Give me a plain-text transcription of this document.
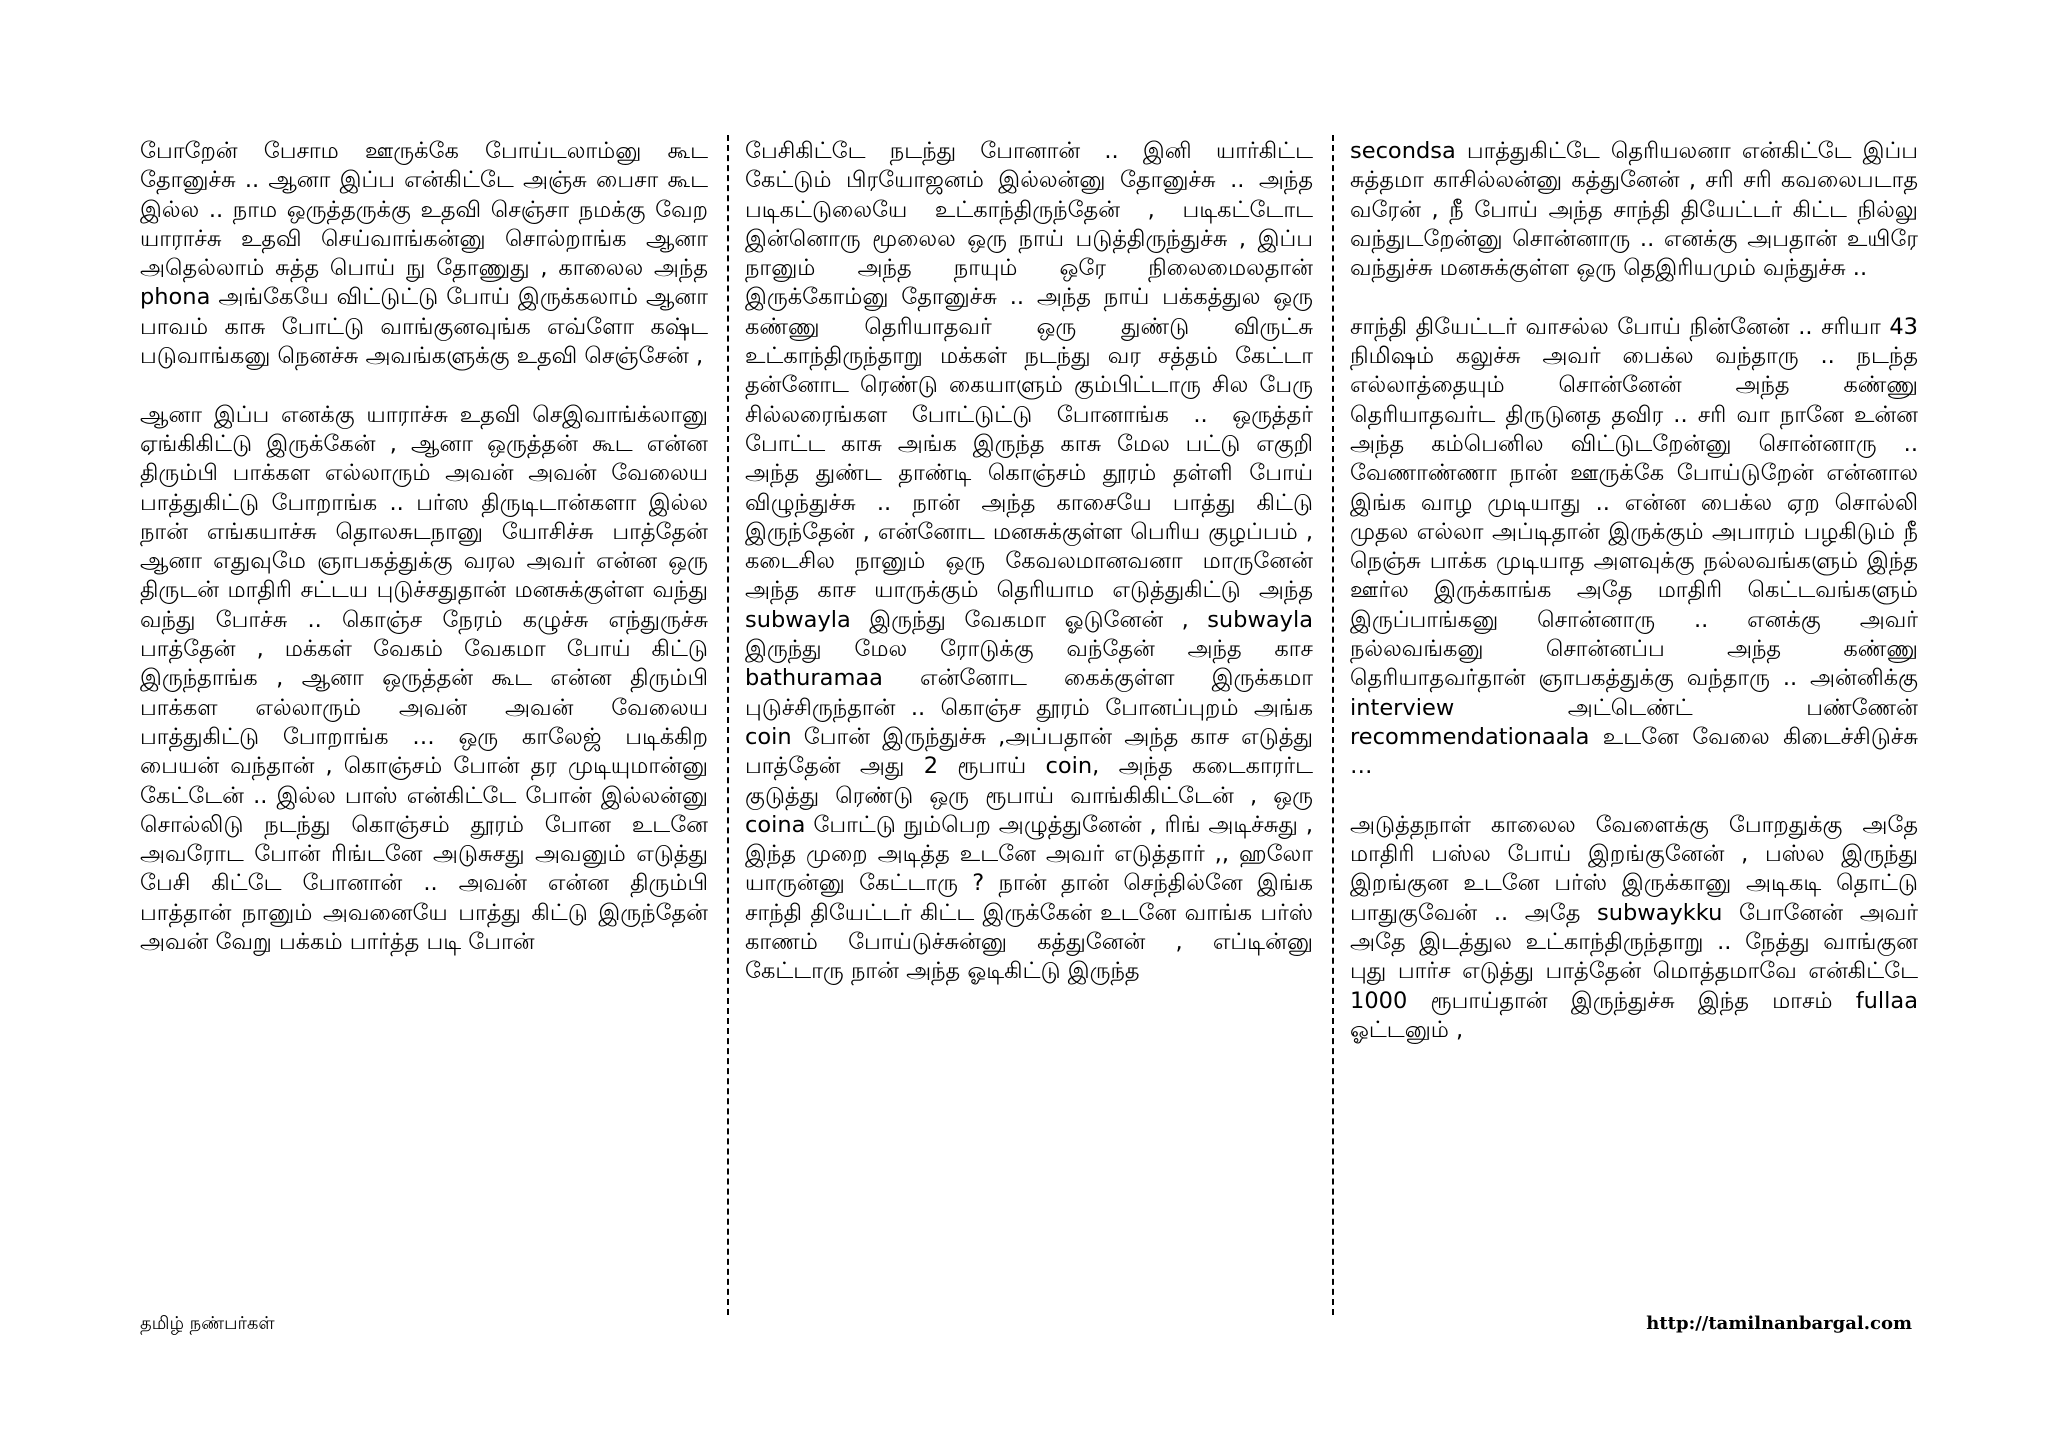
போறேன் பேசாம ஊருக்கே போய்டலாம்னு கூட தோனுச்சு .. ஆனா இப்ப என்கிட்டே அஞ்சு பைசா கூட இல்ல .. நாம ஒருத்தருக்கு உதவி செஞ்சா நமக்கு வேற யாராச்சு உதவி செய்வாங்கன்னு சொல்றாங்க ஆனா அதெல்லாம் சுத்த பொய் நு தோணுது , காலைல அந்த phona அங்கேயே விட்டுட்டு போய் இருக்கலாம் ஆனா பாவம் காசு போட்டு வாங்குனவுங்க எவ்ளோ கஷ்ட படுவாங்கனு நெனச்சு அவங்களுக்கு உதவி செஞ்சேன் ,

ஆனா இப்ப எனக்கு யாராச்சு உதவி செஇவாங்க்லானு ஏங்கிகிட்டு இருக்கேன் , ஆனா ஒருத்தன் கூட என்ன திரும்பி பாக்கள எல்லாரும் அவன் அவன் வேலைய பாத்துகிட்டு போறாங்க .. பர்ஸ திருடிடான்களா இல்ல நான் எங்கயாச்சு தொலசுடநானு யோசிச்சு பாத்தேன் ஆனா எதுவுமே ஞாபகத்துக்கு வரல அவர் என்ன ஒரு திருடன் மாதிரி சட்டய புடுச்சதுதான் மனசுக்குள்ள வந்து வந்து போச்சு .. கொஞ்ச நேரம் கழுச்சு எந்துருச்சு பாத்தேன் , மக்கள் வேகம் வேகமா போய் கிட்டு இருந்தாங்க , ஆனா ஒருத்தன் கூட என்ன திரும்பி பாக்கள எல்லாரும் அவன் அவன் வேலைய பாத்துகிட்டு போறாங்க … ஒரு காலேஜ் படிக்கிற பையன் வந்தான் , கொஞ்சம் போன் தர முடியுமான்னு கேட்டேன் .. இல்ல பாஸ் என்கிட்டே போன் இல்லன்னு சொல்லிடு நடந்து கொஞ்சம் தூரம் போன உடனே அவரோட போன் ரிங்டனே அடுசுசது அவனும் எடுத்து பேசி கிட்டே போனான் .. அவன் என்ன திரும்பி பாத்தான் நானும் அவனையே பாத்து கிட்டு இருந்தேன் அவன் வேறு பக்கம் பார்த்த படி போன்

பேசிகிட்டே நடந்து போனான் .. இனி யார்கிட்ட கேட்டும் பிரயோஜனம் இல்லன்னு தோனுச்சு .. அந்த படிகட்டுலையே உட்காந்திருந்தேன் , படிகட்டோட இன்னொரு மூலைல ஒரு நாய் படுத்திருந்துச்சு , இப்ப நானும் அந்த நாயும் ஒரே நிலைமைலதான் இருக்கோம்னு தோனுச்சு .. அந்த நாய் பக்கத்துல ஒரு கண்ணு தெரியாதவர் ஒரு துண்டு விருட்சு உட்காந்திருந்தாறு மக்கள் நடந்து வர சத்தம் கேட்டா தன்னோட ரெண்டு கையாளும் கும்பிட்டாரு சில பேரு சில்லரைங்கள போட்டுட்டு போனாங்க .. ஒருத்தர் போட்ட காசு அங்க இருந்த காசு மேல பட்டு எகுறி அந்த துண்ட தாண்டி கொஞ்சம் தூரம் தள்ளி போய் விழுந்துச்சு .. நான் அந்த காசையே பாத்து கிட்டு இருந்தேன் , என்னோட மனசுக்குள்ள பெரிய குழப்பம் , கடைசில நானும் ஒரு கேவலமானவனா மாருனேன் அந்த காச யாருக்கும் தெரியாம எடுத்துகிட்டு அந்த subwayla இருந்து வேகமா ஓடுனேன் , subwayla இருந்து மேல ரோடுக்கு வந்தேன் அந்த காச bathuramaa என்னோட கைக்குள்ள இருக்கமா புடுச்சிருந்தான் .. கொஞ்ச தூரம் போனப்புறம் அங்க coin போன் இருந்துச்சு ,அப்பதான் அந்த காச எடுத்து பாத்தேன் அது 2 ரூபாய் coin, அந்த கடைகாரர்ட குடுத்து ரெண்டு ஒரு ரூபாய் வாங்கிகிட்டேன் , ஒரு coina போட்டு நும்பெற அழுத்துனேன் , ரிங் அடிச்சுது , இந்த முறை அடித்த உடனே அவர் எடுத்தார் ,, ஹலோ யாருன்னு கேட்டாரு ? நான் தான் செந்தில்னே இங்க சாந்தி தியேட்டர் கிட்ட இருக்கேன் உடனே வாங்க பர்ஸ் காணம் போய்டுச்சுன்னு கத்துனேன் , எப்டின்னு கேட்டாரு நான் அந்த ஓடிகிட்டு இருந்த

secondsa பாத்துகிட்டே தெரியலனா என்கிட்டே இப்ப சுத்தமா காசில்லன்னு கத்துனேன் , சரி சரி கவலைபடாத வரேன் , நீ போய் அந்த சாந்தி தியேட்டர் கிட்ட நில்லு வந்துடறேன்னு சொன்னாரு .. எனக்கு அபதான் உயிரே வந்துச்சு மனசுக்குள்ள ஒரு தெஇரியமும் வந்துச்சு ..

சாந்தி தியேட்டர் வாசல்ல போய் நின்னேன் .. சரியா 43 நிமிஷம் கலுச்சு அவர் பைக்ல வந்தாரு .. நடந்த எல்லாத்தையும் சொன்னேன் அந்த கண்ணு தெரியாதவர்ட திருடுனத தவிர .. சரி வா நானே உன்ன அந்த கம்பெனில விட்டுடறேன்னு சொன்னாரு .. வேணாண்ணா நான் ஊருக்கே போய்டுறேன் என்னால இங்க வாழ முடியாது .. என்ன பைக்ல ஏற சொல்லி முதல எல்லா அப்டிதான் இருக்கும் அபாரம் பழகிடும் நீ நெஞ்சு பாக்க முடியாத அளவுக்கு நல்லவங்களும் இந்த ஊர்ல இருக்காங்க அதே மாதிரி கெட்டவங்களும் இருப்பாங்கனு சொன்னாரு .. எனக்கு அவர் நல்லவங்கனு சொன்னப்ப அந்த கண்ணு தெரியாதவர்தான் ஞாபகத்துக்கு வந்தாரு .. அன்னிக்கு interview அட்டெண்ட் பண்ணேன் recommendationaala உடனே வேலை கிடைச்சிடுச்சு …

அடுத்தநாள் காலைல வேளைக்கு போறதுக்கு அதே மாதிரி பஸ்ல போய் இறங்குனேன் , பஸ்ல இருந்து இறங்குன உடனே பர்ஸ் இருக்கானு அடிகடி தொட்டு பாதுகுவேன் .. அதே subwaykku போனேன் அவர் அதே இடத்துல உட்காந்திருந்தாறு .. நேத்து வாங்குன புது பார்ச எடுத்து பாத்தேன் மொத்தமாவே என்கிட்டே 1000 ரூபாய்தான் இருந்துச்சு இந்த மாசம் fullaa ஓட்டனும் ,

தமிழ் நண்பர்கள்	http://tamilnanbargal.com
